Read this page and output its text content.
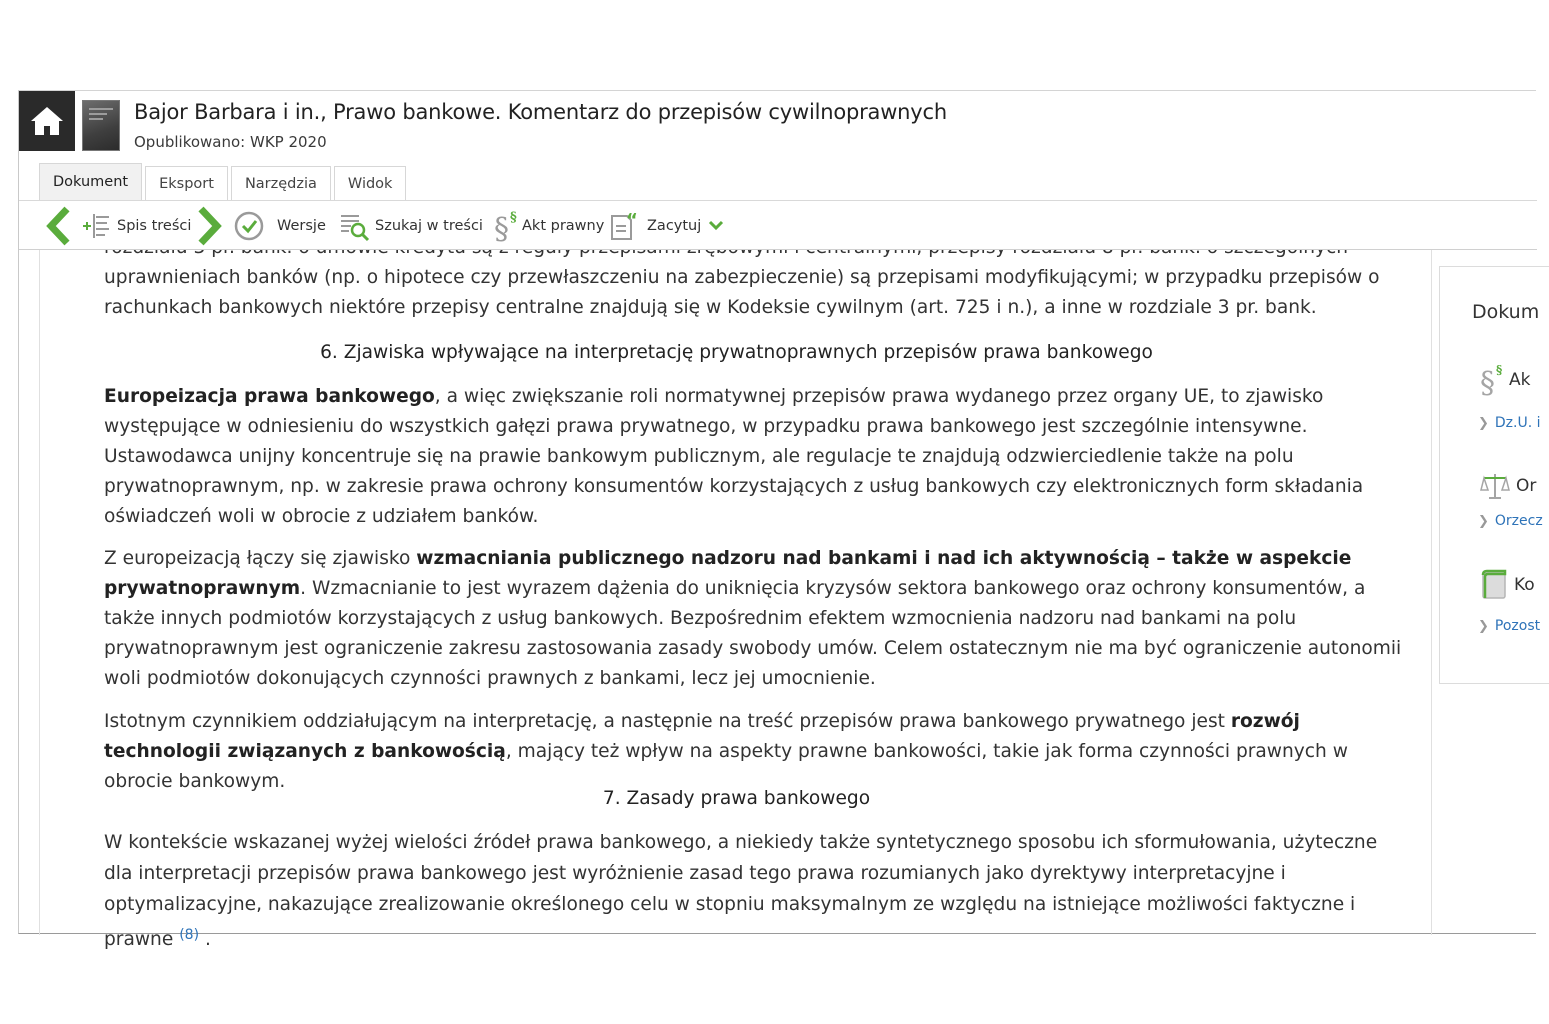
Bajor Barbara i in., Prawo bankowe. Komentarz do przepisów cywilnoprawnych
Opublikowano: WKP 2020
Dokument	Eksport	Narzędzia	Widok
Spis treści	Wersje	Szukaj w treści § §
Akt prawny “ Zacytuj
uprawnieniach banków (np. o hipotece czy przewłaszczeniu na zabezpieczenie) są przepisami modyfikującymi; w przypadku przepisów o rachunkach bankowych niektóre przepisy centralne znajdują się w Kodeksie cywilnym (art. 725 i n.), a inne w rozdziale 3 pr. bank.
6. Zjawiska wpływające na interpretację prywatnoprawnych przepisów prawa bankowego
Europeizacja prawa bankowego, a więc zwiększanie roli normatywnej przepisów prawa wydanego przez organy UE, to zjawisko występujące w odniesieniu do wszystkich gałęzi prawa prywatnego, w przypadku prawa bankowego jest szczególnie intensywne. Ustawodawca unijny koncentruje się na prawie bankowym publicznym, ale regulacje te znajdują odzwierciedlenie także na polu prywatnoprawnym, np. w zakresie prawa ochrony konsumentów korzystających z usług bankowych czy elektronicznych form składania oświadczeń woli w obrocie z udziałem banków.
Z europeizacją łączy się zjawisko wzmacniania publicznego nadzoru nad bankami i nad ich aktywnością – także w aspekcie prywatnoprawnym. Wzmacnianie to jest wyrazem dążenia do uniknięcia kryzysów sektora bankowego oraz ochrony konsumentów, a także innych podmiotów korzystających z usług bankowych. Bezpośrednim efektem wzmocnienia nadzoru nad bankami na polu prywatnoprawnym jest ograniczenie zakresu zastosowania zasady swobody umów. Celem ostatecznym nie ma być ograniczenie autonomii woli podmiotów dokonujących czynności prawnych z bankami, lecz jej umocnienie.
Istotnym czynnikiem oddziałującym na interpretację, a następnie na treść przepisów prawa bankowego prywatnego jest rozwój technologii związanych z bankowością, mający też wpływ na aspekty prawne bankowości, takie jak forma czynności prawnych w obrocie bankowym.
7. Zasady prawa bankowego
W kontekście wskazanej wyżej wielości źródeł prawa bankowego, a niekiedy także syntetycznego sposobu ich sformułowania, użyteczne dla interpretacji przepisów prawa bankowego jest wyróżnienie zasad tego prawa rozumianych jako dyrektywy interpretacyjne i optymalizacyjne, nakazujące zrealizowanie określonego celu w stopniu maksymalnym ze względu na istniejące możliwości faktyczne i prawne $^{(8)}$ .
Dokum
§ § Ak
❯ Dz.U. i
Or
❯ Orzecz
Ko
❯ Pozost
